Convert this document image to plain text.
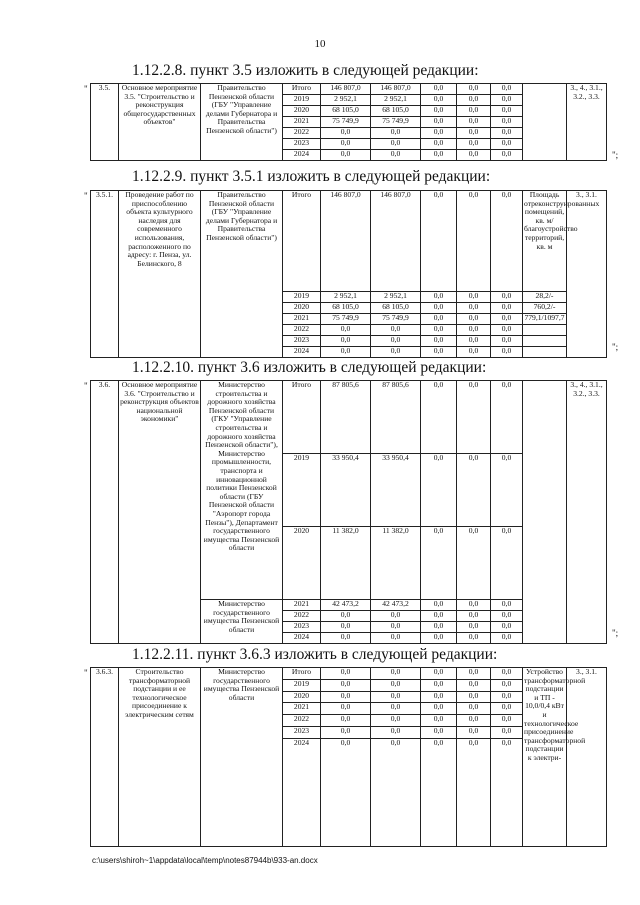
10
1.12.2.8. пункт 3.5 изложить в следующей редакции:
" 3.5.	Основное мероприятие 3.5. "Строительство и реконструкция общегосударственных объектов"	Правительство Пензенской области (ГБУ "Управление делами Губернатора и Правительства Пензенской области")	Итого	146 807,0	146 807,0	0,0	0,0	0,0		3., 4., 3.1., 3.2., 3.3.
			2019	2 952,1	2 952,1	0,0	0,0	0,0		
			2020	68 105,0	68 105,0	0,0	0,0	0,0		
			2021	75 749,9	75 749,9	0,0	0,0	0,0		
			2022	0,0	0,0	0,0	0,0	0,0		
			2023	0,0	0,0	0,0	0,0	0,0		
			2024	0,0	0,0	0,0	0,0	0,0			";
1.12.2.9. пункт 3.5.1 изложить в следующей редакции:
" 3.5.1.	Проведение работ по приспособлению объекта культурного наследия для современного использования, расположенного по адресу: г. Пенза, ул. Белинского, 8	Правительство Пензенской области (ГБУ "Управление делами Губернатора и Правительства Пензенской области")	Итого	146 807,0	146 807,0	0,0	0,0	0,0	Площадь отреконструированных помещений, кв. м/благоустройство территорий, кв. м	3., 3.1.
			2019	2 952,1	2 952,1	0,0	0,0	0,0	28,2/-	
			2020	68 105,0	68 105,0	0,0	0,0	0,0	760,2/-	
			2021	75 749,9	75 749,9	0,0	0,0	0,0	779,1/1097,7	
			2022	0,0	0,0	0,0	0,0	0,0		
			2023	0,0	0,0	0,0	0,0	0,0		
			2024	0,0	0,0	0,0	0,0	0,0			";
1.12.2.10. пункт 3.6 изложить в следующей редакции:
" 3.6.	Основное мероприятие 3.6. "Строительство и реконструкция объектов национальной экономики"	Министерство строительства и дорожного хозяйства Пензенской области (ГКУ "Управление строительства и дорожного хозяйства Пензенской области"), Министерство промышленности, транспорта и инновационной политики Пензенской области (ГБУ Пензенской области "Аэропорт города Пензы"), Департамент государственного имущества Пензенской области	Итого	87 805,6	87 805,6	0,0	0,0	0,0		3., 4., 3.1., 3.2., 3.3.
			2019	33 950,4	33 950,4	0,0	0,0	0,0		
			2020	11 382,0	11 382,0	0,0	0,0	0,0		
		Министерство государственного имущества Пензенской области	2021	42 473,2	42 473,2	0,0	0,0	0,0		
			2022	0,0	0,0	0,0	0,0	0,0		
			2023	0,0	0,0	0,0	0,0	0,0		
			2024	0,0	0,0	0,0	0,0	0,0			";
1.12.2.11. пункт 3.6.3 изложить в следующей редакции:
" 3.6.3.	Строительство трансформаторной подстанции и ее технологическое присоединение к электрическим сетям	Министерство государственного имущества Пензенской области	Итого	0,0	0,0	0,0	0,0	0,0	Устройство трансформаторной подстанции и ТП - 10,0/0,4 кВт и технологическое присоединение трансформаторной подстанции к электри-	3., 3.1.
			2019	0,0	0,0	0,0	0,0	0,0		
			2020	0,0	0,0	0,0	0,0	0,0		
			2021	0,0	0,0	0,0	0,0	0,0		
			2022	0,0	0,0	0,0	0,0	0,0		
			2023	0,0	0,0	0,0	0,0	0,0		
			2024	0,0	0,0	0,0	0,0	0,0		
c:\users\shiroh~1\appdata\local\temp\notes87944b\933-an.docx
